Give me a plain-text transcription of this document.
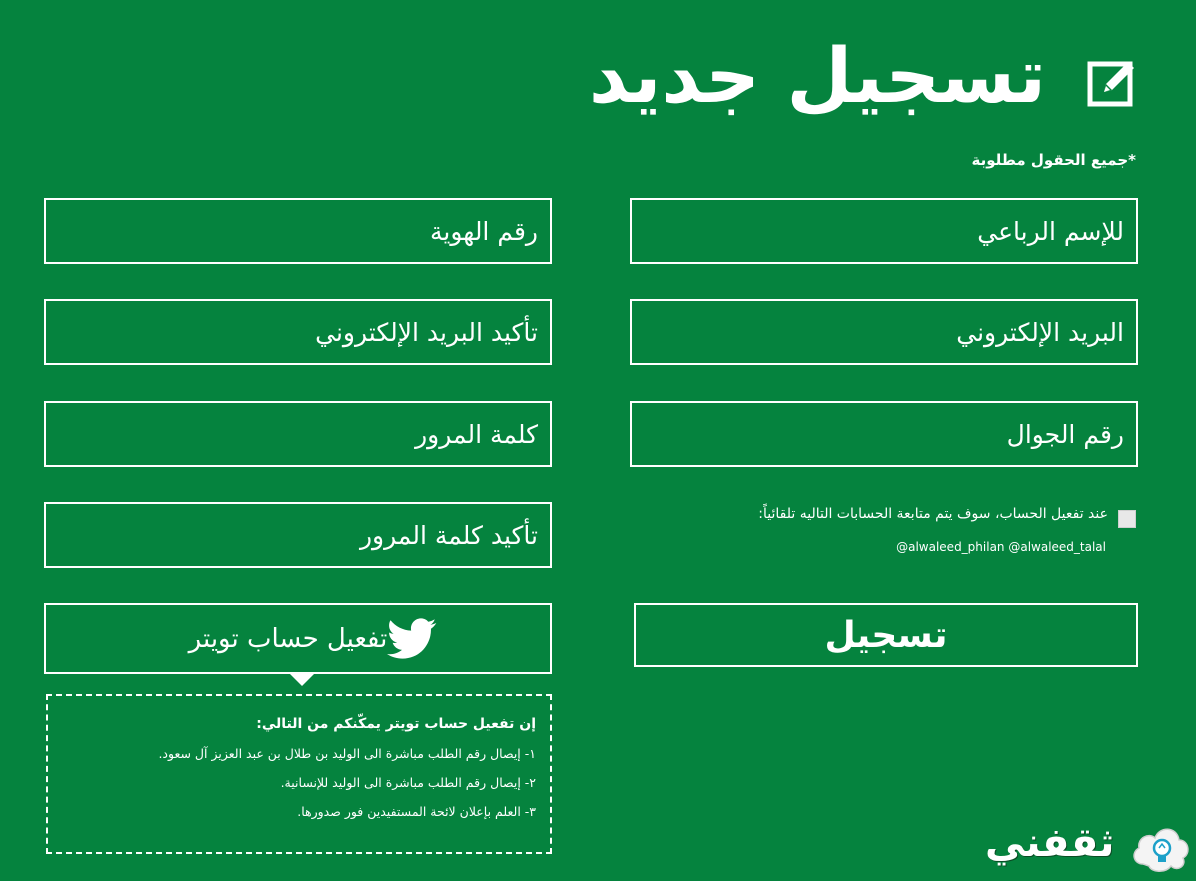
تسجيل جديد
*جميع الحقول مطلوبة
للإسم الرباعي
البريد الإلكتروني
رقم الجوال
رقم الهوية
تأكيد البريد الإلكتروني
كلمة المرور
تأكيد كلمة المرور
عند تفعيل الحساب، سوف يتم متابعة الحسابات التاليه تلقائياً:
@alwaleed_philan @alwaleed_talal
تسجيل
تفعيل حساب تويتر
إن تفعيل حساب تويتر يمكّنكم من التالي:
١- إيصال رقم الطلب مباشرة الى الوليد بن طلال بن عبد العزيز آل سعود.
٢- إيصال رقم الطلب مباشرة الى الوليد للإنسانية.
٣- العلم بإعلان لائحة المستفيدين فور صدورها.
ثقفني
